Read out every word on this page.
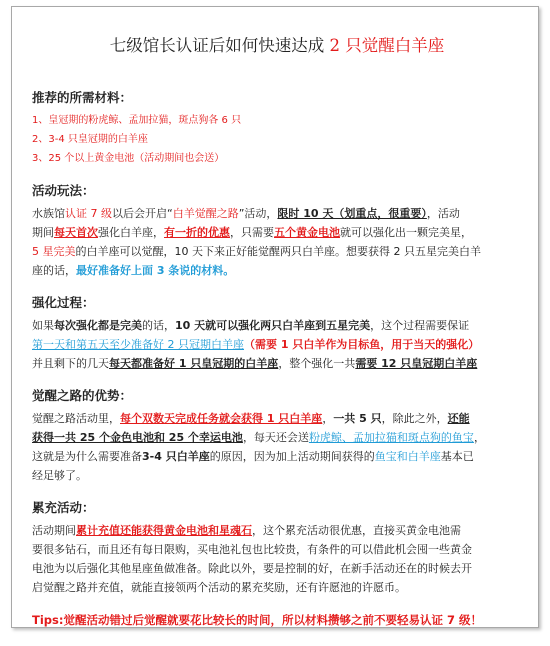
七级馆长认证后如何快速达成 2 只觉醒白羊座
推荐的所需材料：
1、皇冠期的粉虎鲸、孟加拉猫，斑点狗各 6 只
2、3-4 只皇冠期的白羊座
3、25 个以上黄金电池（活动期间也会送）
活动玩法：
水族馆认证 7 级以后会开启“白羊觉醒之路”活动，限时 10 天（划重点，很重要），活动
期间每天首次强化白羊座，有一折的优惠，只需要五个黄金电池就可以强化出一颗完美星，
5 星完美的白羊座可以觉醒，10 天下来正好能觉醒两只白羊座。想要获得 2 只五星完美白羊
座的话，最好准备好上面 3 条说的材料。
强化过程：
如果每次强化都是完美的话，10 天就可以强化两只白羊座到五星完美，这个过程需要保证
第一天和第五天至少准备好 2 只冠期白羊座（需要 1 只白羊作为目标鱼，用于当天的强化）
并且剩下的几天每天都准备好 1 只皇冠期的白羊座，整个强化一共需要 12 只皇冠期白羊座
觉醒之路的优势：
觉醒之路活动里，每个双数天完成任务就会获得 1 只白羊座，一共 5 只，除此之外，还能
获得一共 25 个金色电池和 25 个幸运电池，每天还会送粉虎鲸、孟加拉猫和斑点狗的鱼宝，
这就是为什么需要准备3-4 只白羊座的原因，因为加上活动期间获得的鱼宝和白羊座基本已
经足够了。
累充活动：
活动期间累计充值还能获得黄金电池和星魂石，这个累充活动很优惠，直接买黄金电池需
要很多钻石，而且还有每日限购，买电池礼包也比较贵，有条件的可以借此机会囤一些黄金
电池为以后强化其他星座鱼做准备。除此以外，要是控制的好，在新手活动还在的时候去开
启觉醒之路并充值，就能直接领两个活动的累充奖励，还有许愿池的许愿币。
Tips:觉醒活动错过后觉醒就要花比较长的时间，所以材料攒够之前不要轻易认证 7 级！
